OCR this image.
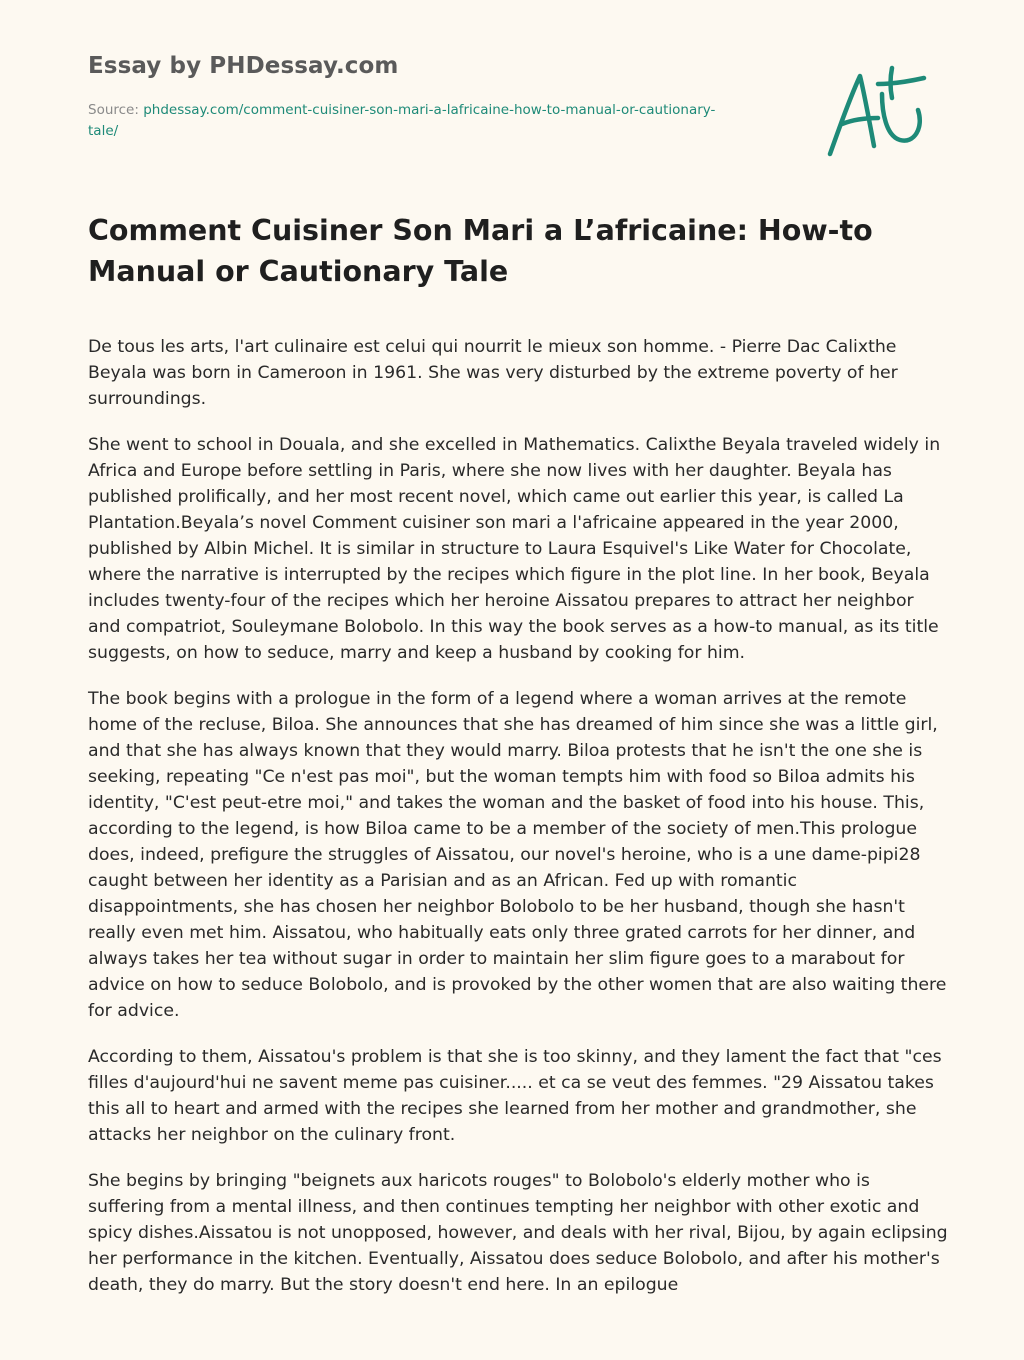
Essay by PHDessay.com
Source: phdessay.com/comment-cuisiner-son-mari-a-lafricaine-how-to-manual-or-cautionary-tale/
Comment Cuisiner Son Mari a L’africaine: How-to Manual or Cautionary Tale

De tous les arts, l'art culinaire est celui qui nourrit le mieux son homme. - Pierre Dac Calixthe Beyala was born in Cameroon in 1961. She was very disturbed by the extreme poverty of her surroundings.

She went to school in Douala, and she excelled in Mathematics. Calixthe Beyala traveled widely in Africa and Europe before settling in Paris, where she now lives with her daughter. Beyala has published prolifically, and her most recent novel, which came out earlier this year, is called La Plantation.Beyala’s novel Comment cuisiner son mari a l'africaine appeared in the year 2000, published by Albin Michel. It is similar in structure to Laura Esquivel's Like Water for Chocolate, where the narrative is interrupted by the recipes which figure in the plot line. In her book, Beyala includes twenty-four of the recipes which her heroine Aissatou prepares to attract her neighbor and compatriot, Souleymane Bolobolo. In this way the book serves as a how-to manual, as its title suggests, on how to seduce, marry and keep a husband by cooking for him.

The book begins with a prologue in the form of a legend where a woman arrives at the remote home of the recluse, Biloa. She announces that she has dreamed of him since she was a little girl, and that she has always known that they would marry. Biloa protests that he isn't the one she is seeking, repeating "Ce n'est pas moi", but the woman tempts him with food so Biloa admits his identity, "C'est peut-etre moi," and takes the woman and the basket of food into his house. This, according to the legend, is how Biloa came to be a member of the society of men.This prologue does, indeed, prefigure the struggles of Aissatou, our novel's heroine, who is a une dame-pipi28 caught between her identity as a Parisian and as an African. Fed up with romantic disappointments, she has chosen her neighbor Bolobolo to be her husband, though she hasn't really even met him. Aissatou, who habitually eats only three grated carrots for her dinner, and always takes her tea without sugar in order to maintain her slim figure goes to a marabout for advice on how to seduce Bolobolo, and is provoked by the other women that are also waiting there for advice.

According to them, Aissatou's problem is that she is too skinny, and they lament the fact that "ces filles d'aujourd'hui ne savent meme pas cuisiner..... et ca se veut des femmes. "29 Aissatou takes this all to heart and armed with the recipes she learned from her mother and grandmother, she attacks her neighbor on the culinary front.

She begins by bringing "beignets aux haricots rouges" to Bolobolo's elderly mother who is suffering from a mental illness, and then continues tempting her neighbor with other exotic and spicy dishes.Aissatou is not unopposed, however, and deals with her rival, Bijou, by again eclipsing her performance in the kitchen. Eventually, Aissatou does seduce Bolobolo, and after his mother's death, they do marry. But the story doesn't end here. In an epilogue
